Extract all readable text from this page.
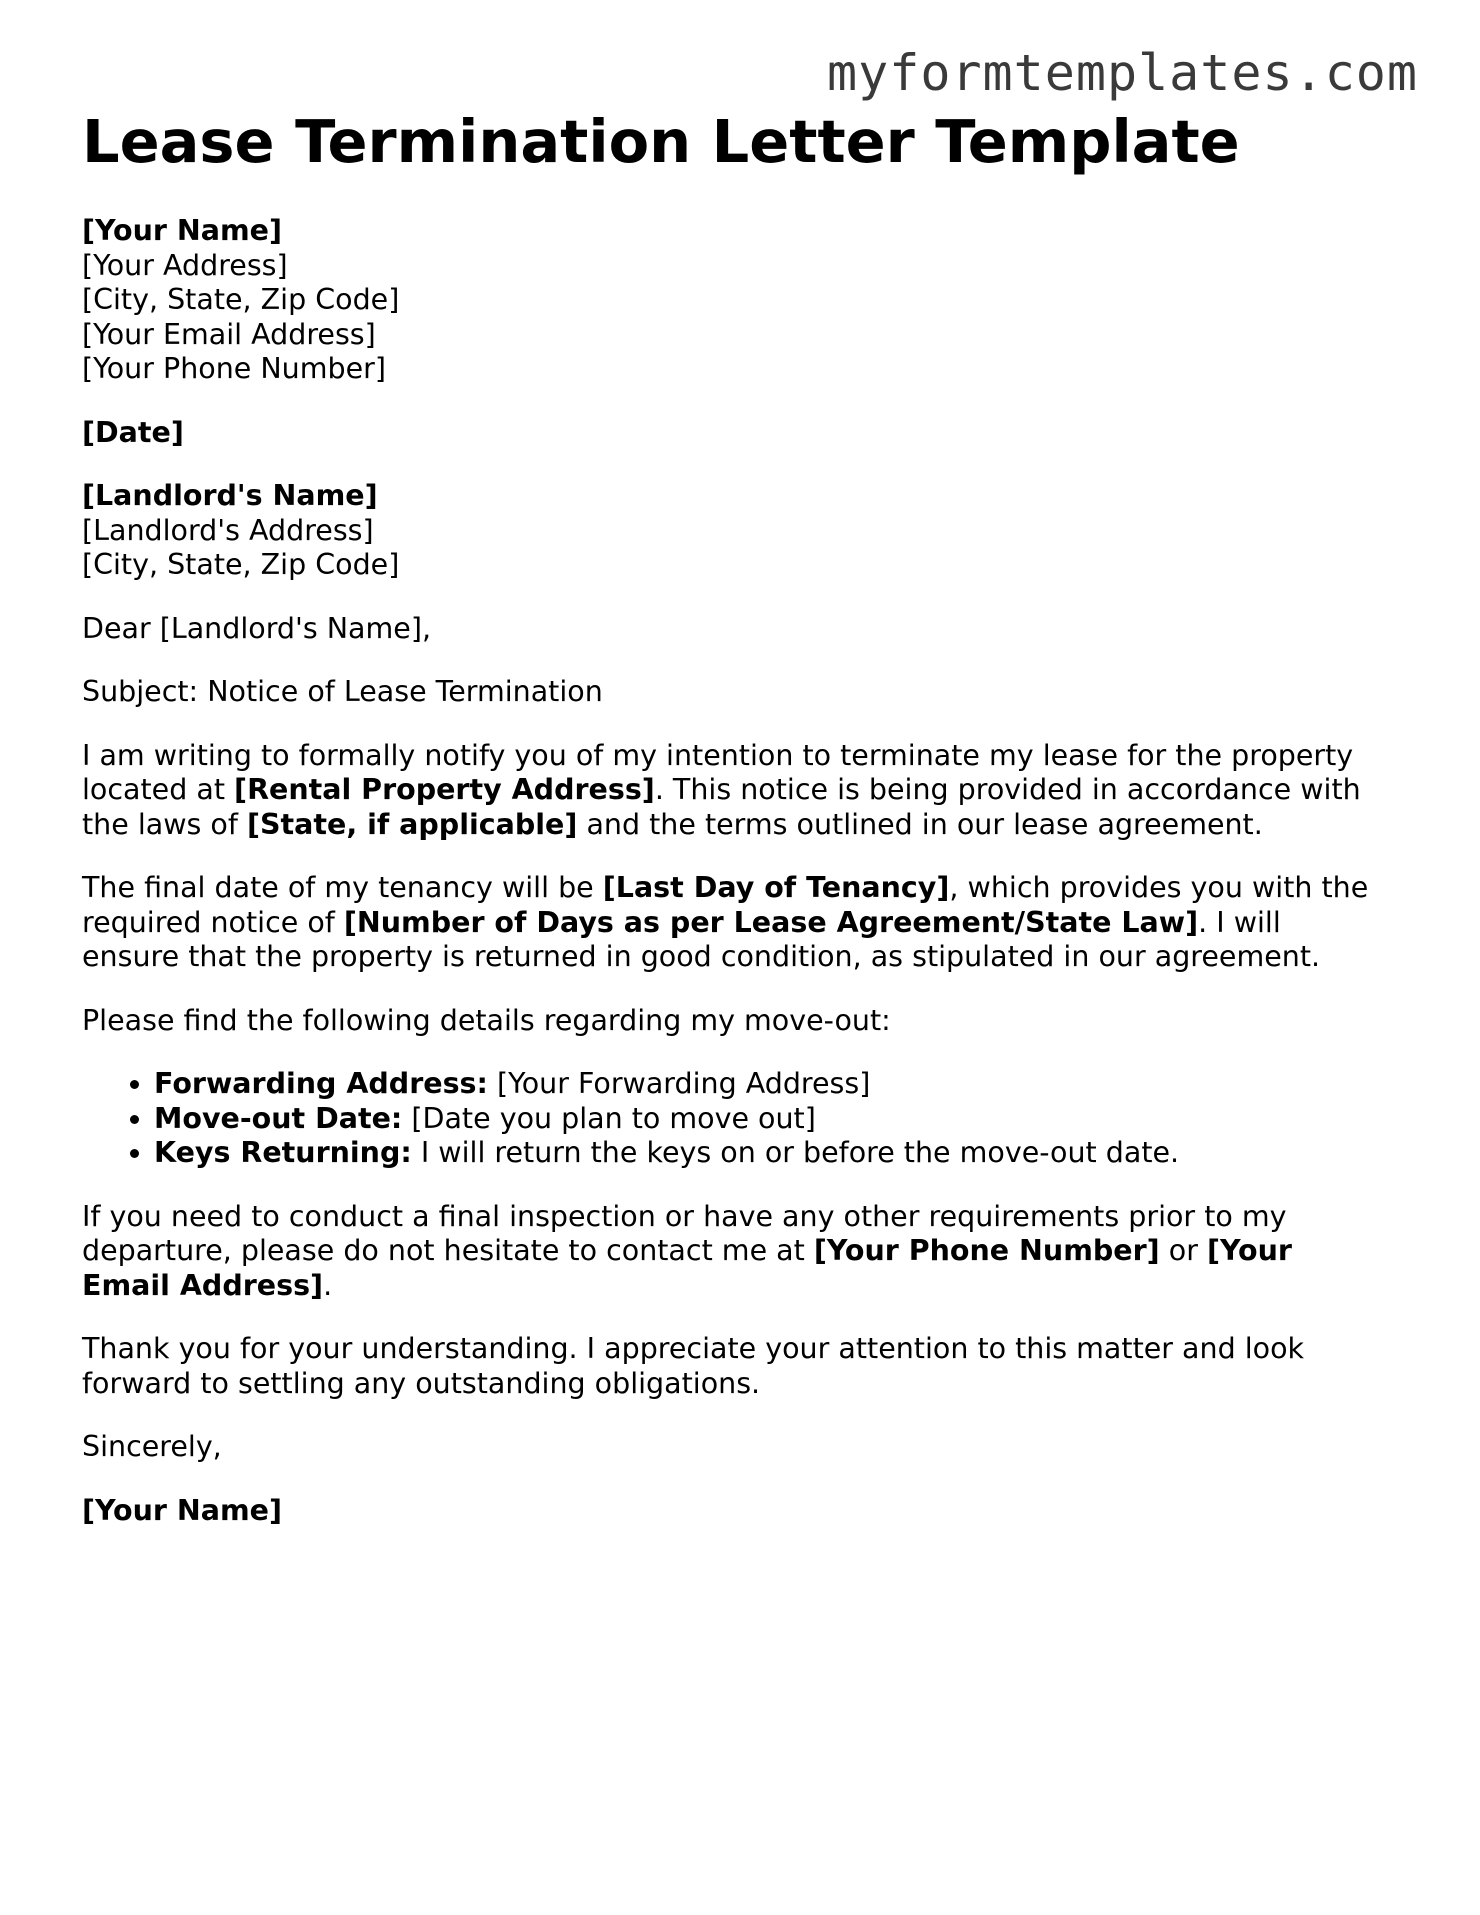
myformtemplates.com
Lease Termination Letter Template

[Your Name]
[Your Address]
[City, State, Zip Code]
[Your Email Address]
[Your Phone Number]

[Date]

[Landlord's Name]
[Landlord's Address]
[City, State, Zip Code]

Dear [Landlord's Name],

Subject: Notice of Lease Termination

I am writing to formally notify you of my intention to terminate my lease for the property
located at [Rental Property Address]. This notice is being provided in accordance with
the laws of [State, if applicable] and the terms outlined in our lease agreement.

The final date of my tenancy will be [Last Day of Tenancy], which provides you with the
required notice of [Number of Days as per Lease Agreement/State Law]. I will
ensure that the property is returned in good condition, as stipulated in our agreement.

Please find the following details regarding my move-out:

• Forwarding Address: [Your Forwarding Address]
• Move-out Date: [Date you plan to move out]
• Keys Returning: I will return the keys on or before the move-out date.

If you need to conduct a final inspection or have any other requirements prior to my
departure, please do not hesitate to contact me at [Your Phone Number] or [Your
Email Address].

Thank you for your understanding. I appreciate your attention to this matter and look
forward to settling any outstanding obligations.

Sincerely,

[Your Name]
